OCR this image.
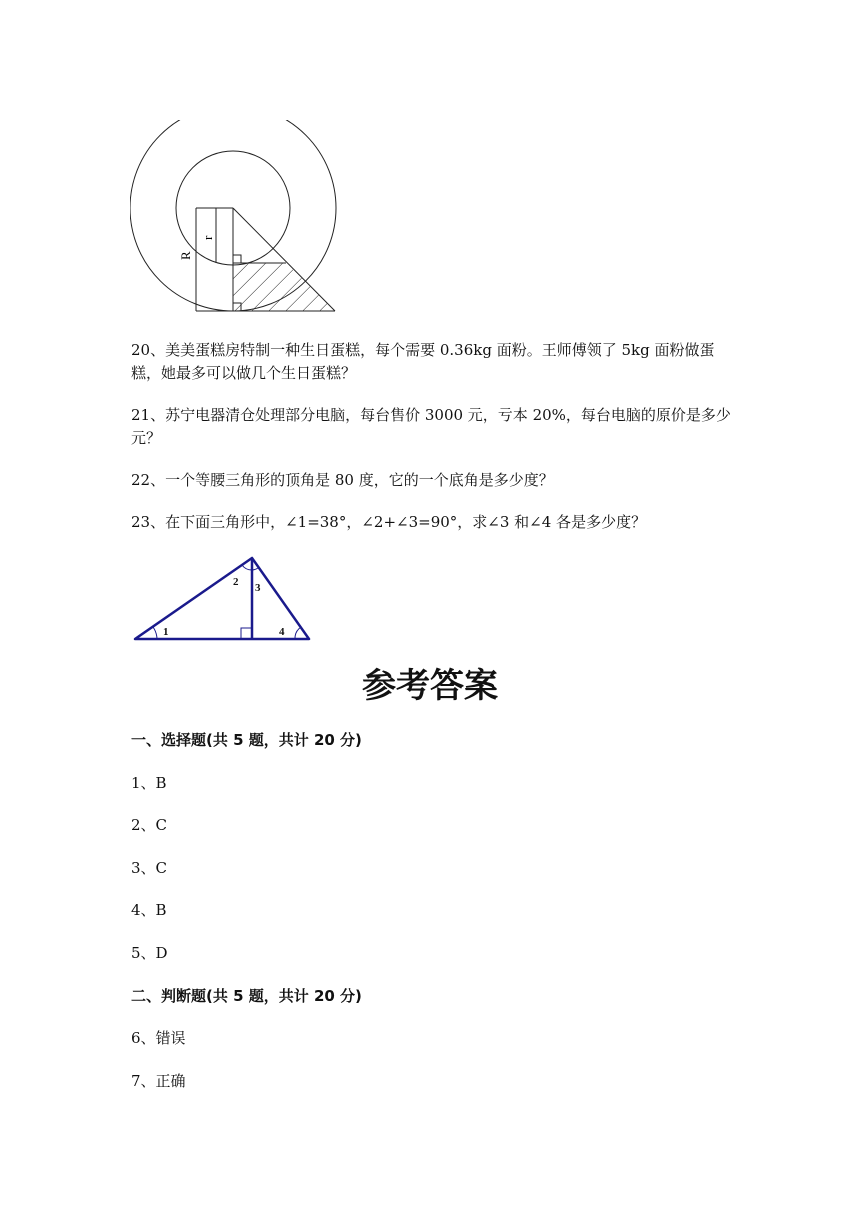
R
r
20、美美蛋糕房特制一种生日蛋糕，每个需要 0.36kg 面粉。王师傅领了 5kg 面粉做蛋糕，她最多可以做几个生日蛋糕？
21、苏宁电器清仓处理部分电脑，每台售价 3000 元，亏本 20%，每台电脑的原价是多少元？
22、一个等腰三角形的顶角是 80 度，它的一个底角是多少度？
23、在下面三角形中，∠1=38°，∠2+∠3=90°，求∠3 和∠4 各是多少度？
1
2 3
4
参考答案
一、选择题(共 5 题，共计 20 分)
1、B
2、C
3、C
4、B
5、D
二、判断题(共 5 题，共计 20 分)
6、错误
7、正确
